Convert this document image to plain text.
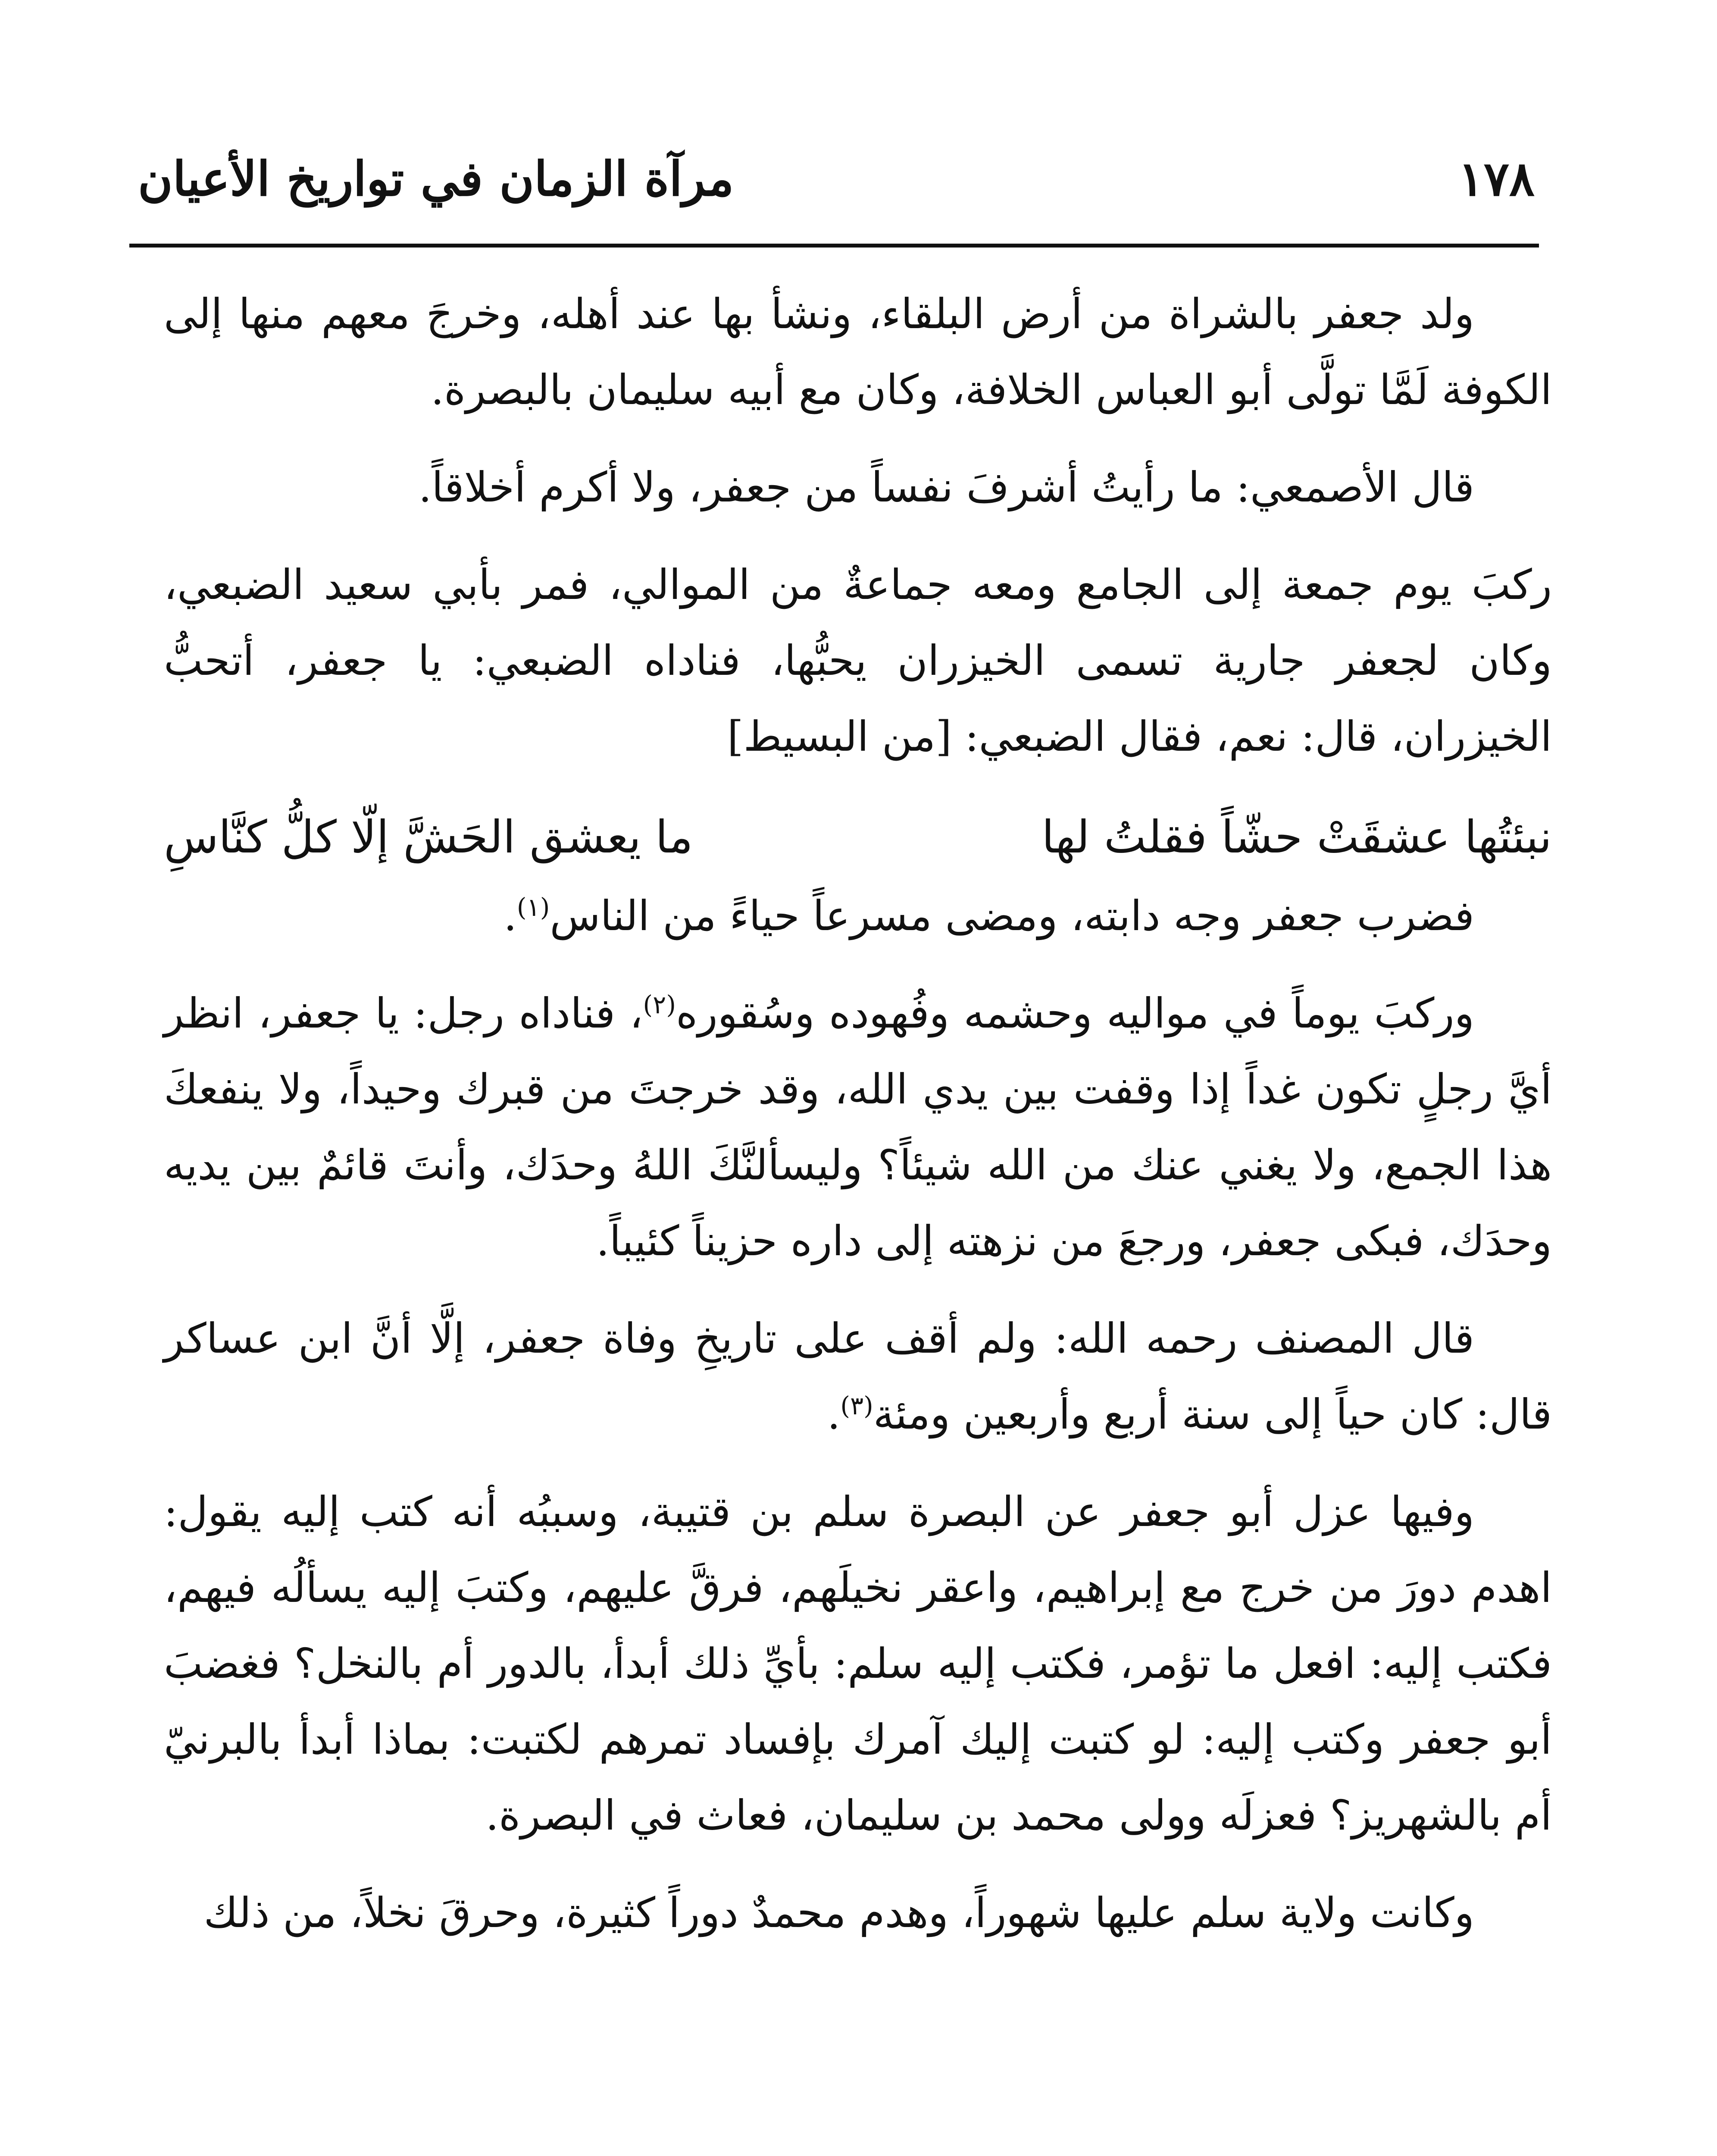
١٧٨
مرآة الزمان في تواريخ الأعيان

ولد جعفر بالشراة من أرض البلقاء، ونشأ بها عند أهله، وخرجَ معهم منها إلى الكوفة لَمَّا تولَّى أبو العباس الخلافة، وكان مع أبيه سليمان بالبصرة.

قال الأصمعي: ما رأيتُ أشرفَ نفساً من جعفر، ولا أكرم أخلاقاً.

ركبَ يوم جمعة إلى الجامع ومعه جماعةٌ من الموالي، فمر بأبي سعيد الضبعي، وكان لجعفر جارية تسمى الخيزران يحبُّها، فناداه الضبعي: يا جعفر، أتحبُّ الخيزران، قال: نعم، فقال الضبعي: [من البسيط]

نبئتُها عشقَتْ حشّاً فقلتُ لها
ما يعشق الحَشَّ إلّا كلُّ كنَّاسِ

فضرب جعفر وجه دابته، ومضى مسرعاً حياءً من الناس$^{(١)}$.

وركبَ يوماً في مواليه وحشمه وفُهوده وسُقوره$^{(٢)}$، فناداه رجل: يا جعفر، انظر أيَّ رجلٍ تكون غداً إذا وقفت بين يدي الله، وقد خرجتَ من قبرك وحيداً، ولا ينفعكَ هذا الجمع، ولا يغني عنك من الله شيئاً؟ وليسألنَّكَ اللهُ وحدَك، وأنتَ قائمٌ بين يديه وحدَك، فبكى جعفر، ورجعَ من نزهته إلى داره حزيناً كئيباً.

قال المصنف رحمه الله: ولم أقف على تاريخِ وفاة جعفر، إلَّا أنَّ ابن عساكر قال: كان حياً إلى سنة أربع وأربعين ومئة$^{(٣)}$.

وفيها عزل أبو جعفر عن البصرة سلم بن قتيبة، وسببُه أنه كتب إليه يقول: اهدم دورَ من خرج مع إبراهيم، واعقر نخيلَهم، فرقَّ عليهم، وكتبَ إليه يسألُه فيهم، فكتب إليه: افعل ما تؤمر، فكتب إليه سلم: بأيِّ ذلك أبدأ، بالدور أم بالنخل؟ فغضبَ أبو جعفر وكتب إليه: لو كتبت إليك آمرك بإفساد تمرهم لكتبت: بماذا أبدأ بالبرنيّ أم بالشهريز؟ فعزلَه وولى محمد بن سليمان، فعاث في البصرة.

وكانت ولاية سلم عليها شهوراً، وهدم محمدٌ دوراً كثيرة، وحرقَ نخلاً، من ذلك
